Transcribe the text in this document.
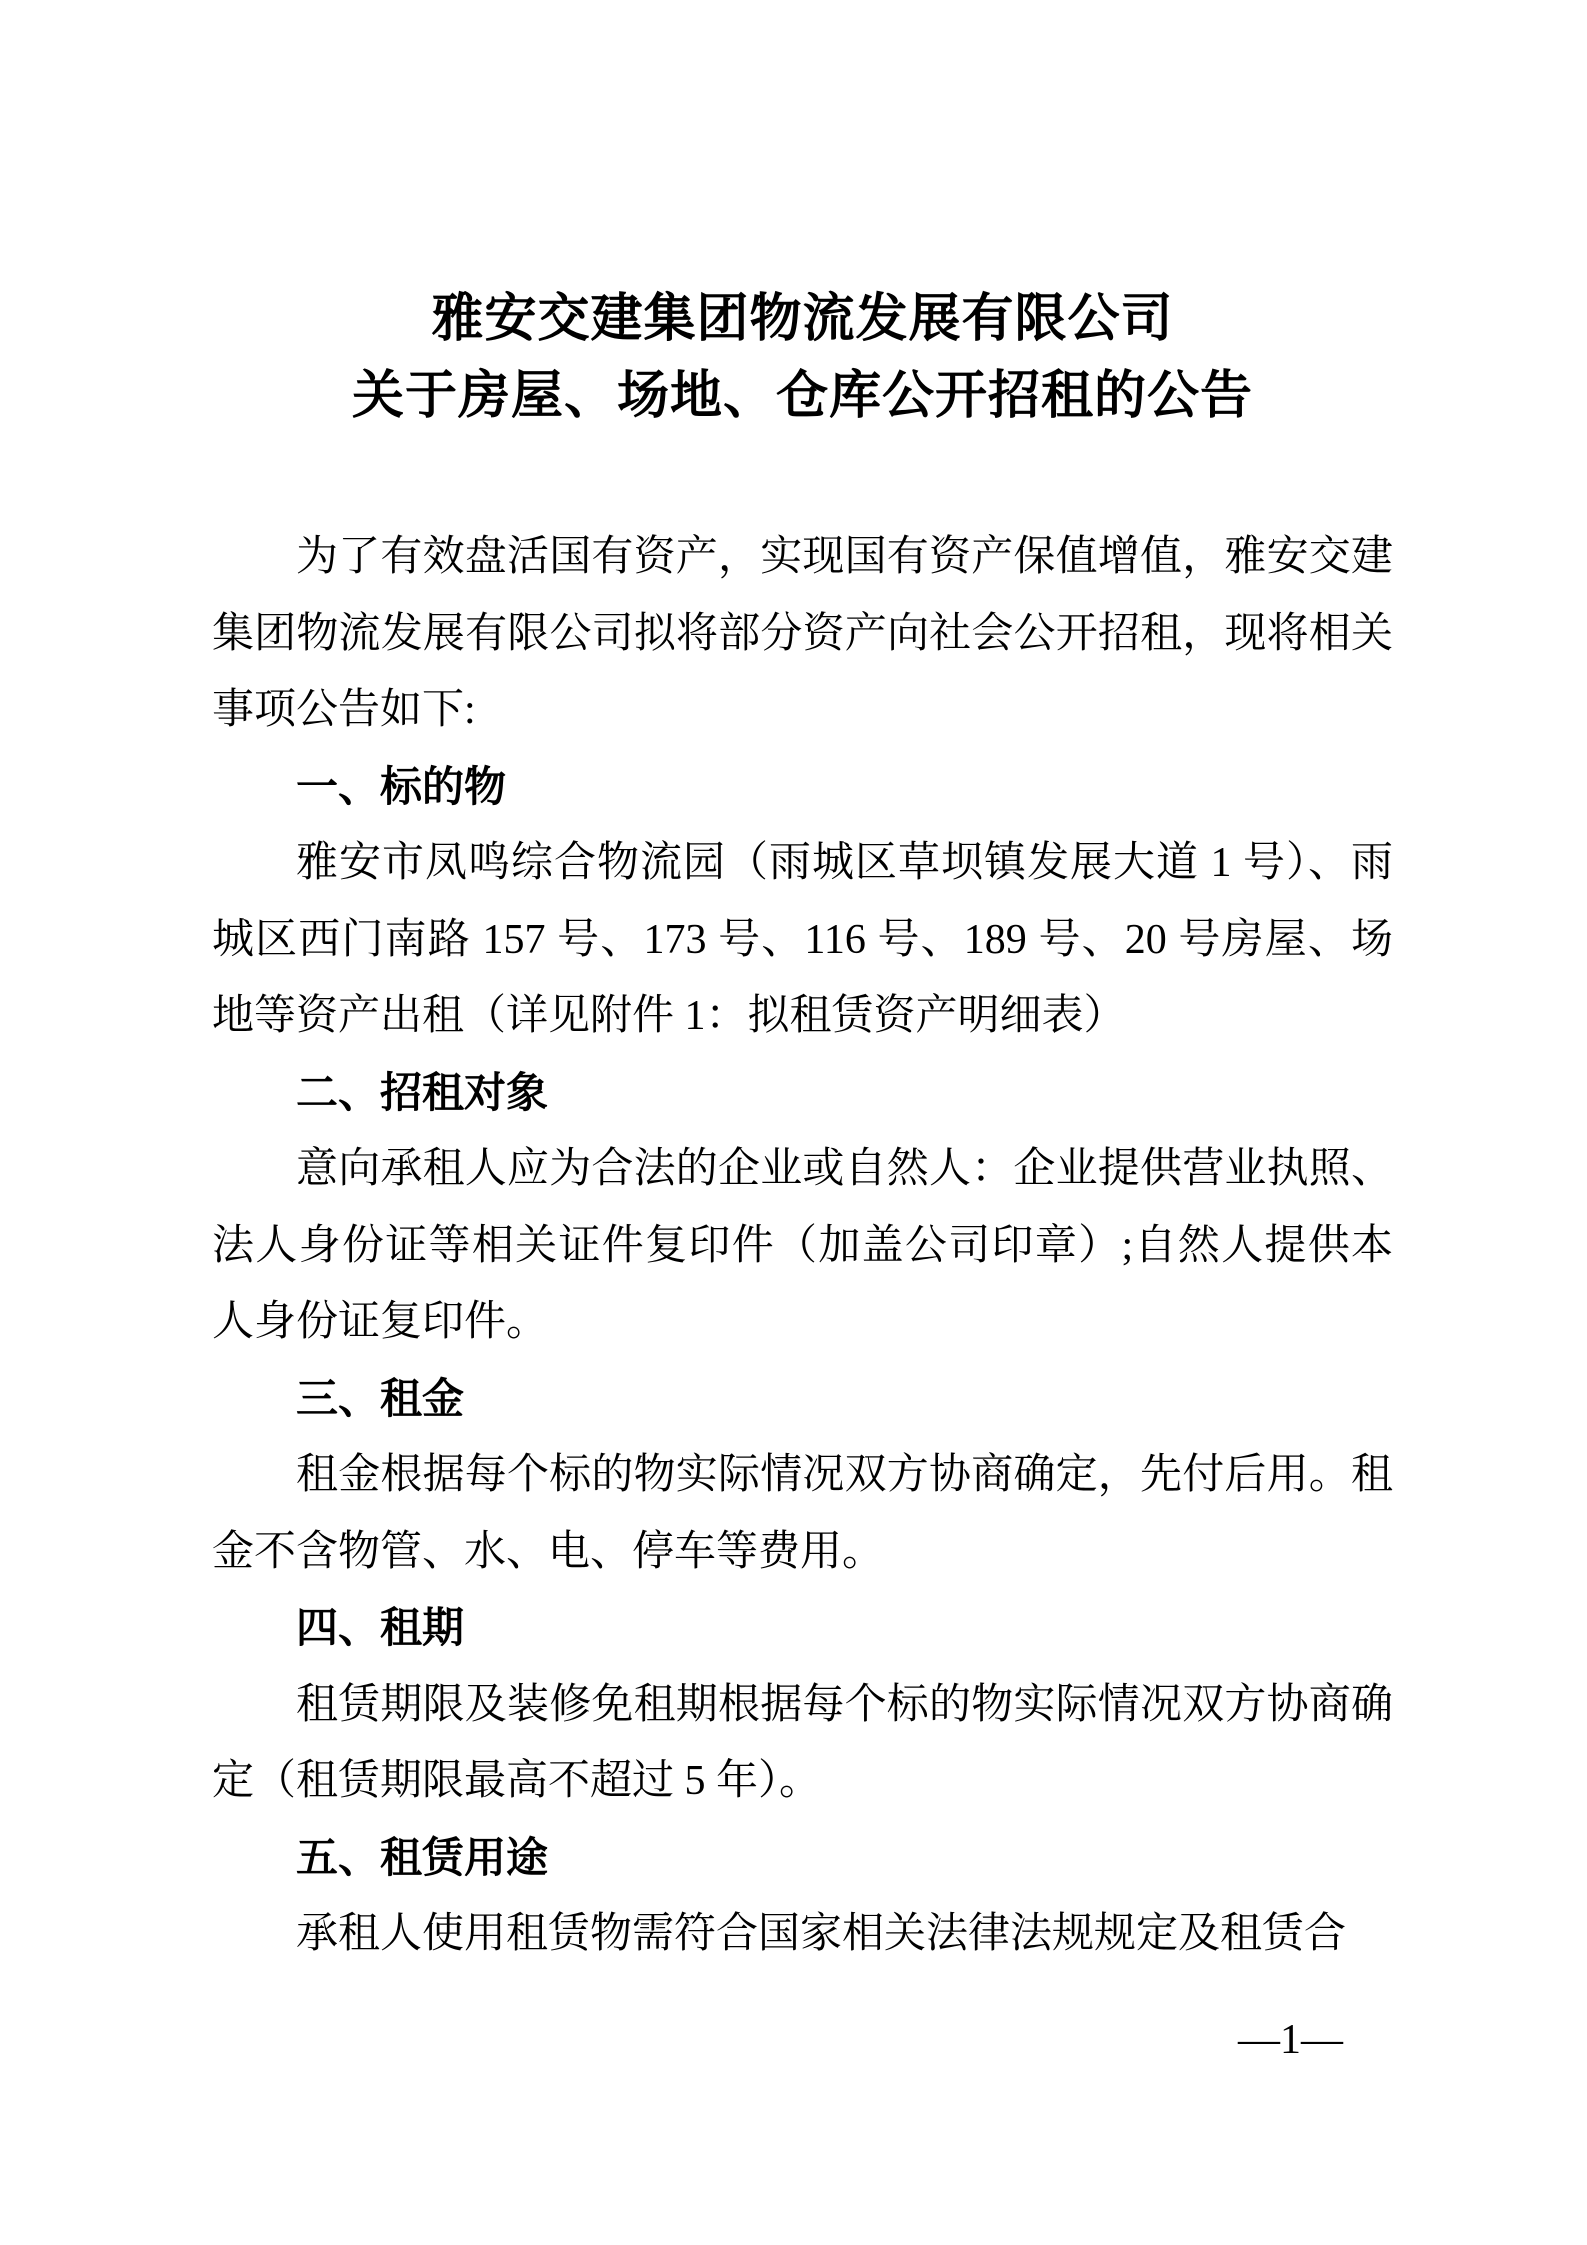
雅安交建集团物流发展有限公司
关于房屋、场地、仓库公开招租的公告

为了有效盘活国有资产，实现国有资产保值增值，雅安交建集团物流发展有限公司拟将部分资产向社会公开招租，现将相关事项公告如下:

一、标的物

雅安市凤鸣综合物流园（雨城区草坝镇发展大道 1 号）、雨城区西门南路 157 号、173 号、116 号、189 号、20 号房屋、场地等资产出租（详见附件 1：拟租赁资产明细表）

二、招租对象

意向承租人应为合法的企业或自然人：企业提供营业执照、法人身份证等相关证件复印件（加盖公司印章）;自然人提供本人身份证复印件。

三、租金

租金根据每个标的物实际情况双方协商确定，先付后用。租金不含物管、水、电、停车等费用。

四、租期

租赁期限及装修免租期根据每个标的物实际情况双方协商确定（租赁期限最高不超过 5 年）。

五、租赁用途

承租人使用租赁物需符合国家相关法律法规规定及租赁合

—1—
